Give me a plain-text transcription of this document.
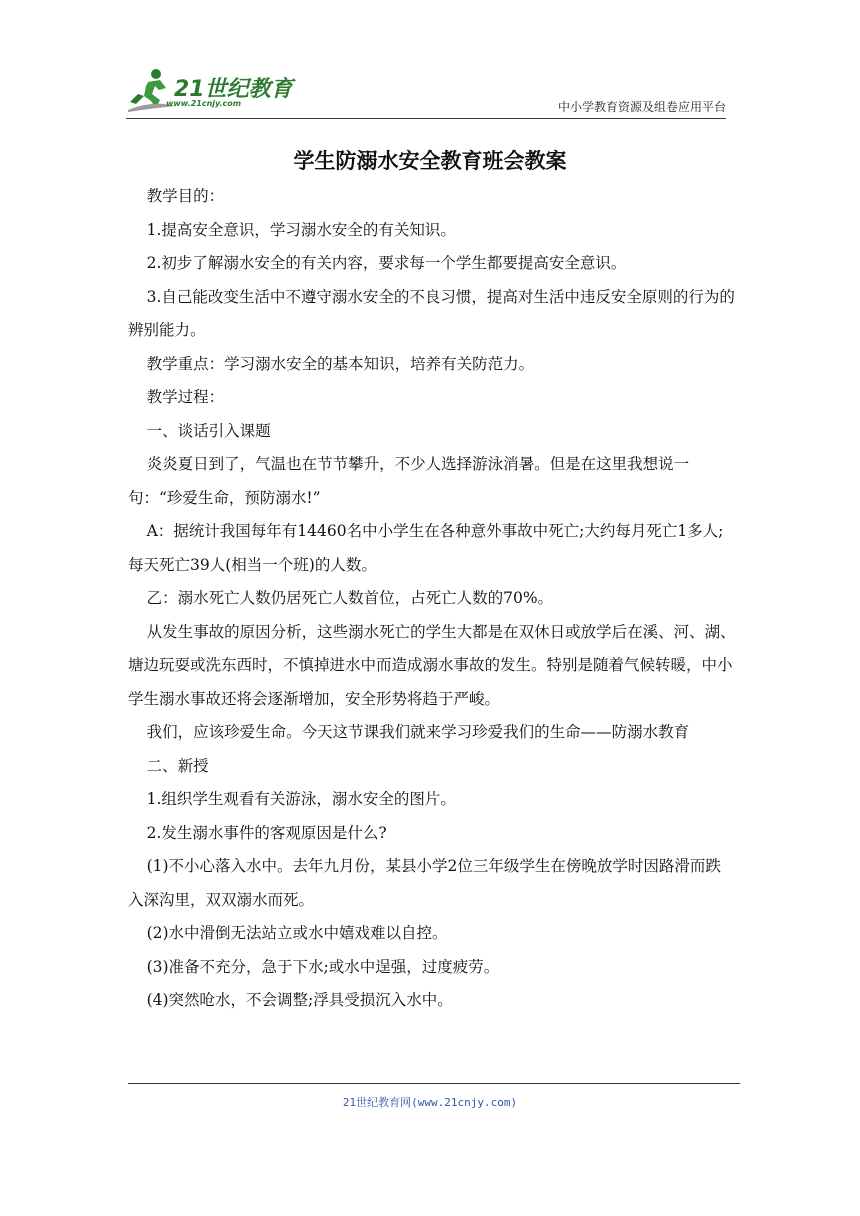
21世纪教育
www.21cnjy.com	中小学教育资源及组卷应用平台
学生防溺水安全教育班会教案

教学目的：

1.提高安全意识，学习溺水安全的有关知识。

2.初步了解溺水安全的有关内容，要求每一个学生都要提高安全意识。

3.自己能改变生活中不遵守溺水安全的不良习惯，提高对生活中违反安全原则的行为的辨别能力。

教学重点：学习溺水安全的基本知识，培养有关防范力。

教学过程：

一、谈话引入课题

炎炎夏日到了，气温也在节节攀升，不少人选择游泳消暑。但是在这里我想说一句：“珍爱生命，预防溺水!”

A：据统计我国每年有14460名中小学生在各种意外事故中死亡;大约每月死亡1多人;每天死亡39人(相当一个班)的人数。

乙：溺水死亡人数仍居死亡人数首位，占死亡人数的70%。

从发生事故的原因分析，这些溺水死亡的学生大都是在双休日或放学后在溪、河、湖、塘边玩耍或洗东西时，不慎掉进水中而造成溺水事故的发生。特别是随着气候转暖，中小学生溺水事故还将会逐渐增加，安全形势将趋于严峻。

我们，应该珍爱生命。今天这节课我们就来学习珍爱我们的生命——防溺水教育

二、新授

1.组织学生观看有关游泳，溺水安全的图片。

2.发生溺水事件的客观原因是什么?

(1)不小心落入水中。去年九月份，某县小学2位三年级学生在傍晚放学时因路滑而跌入深沟里，双双溺水而死。

(2)水中滑倒无法站立或水中嬉戏难以自控。

(3)准备不充分，急于下水;或水中逞强，过度疲劳。

(4)突然呛水，不会调整;浮具受损沉入水中。

21世纪教育网(www.21cnjy.com)
